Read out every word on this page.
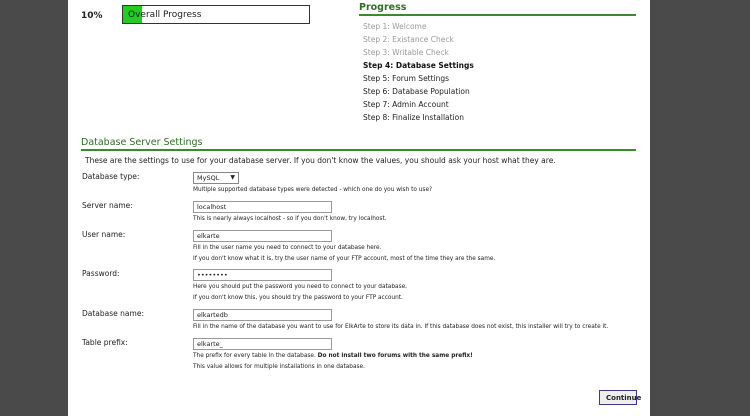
10%	Overall Progress
Progress
Step 1: Welcome
Step 2: Existance Check
Step 3: Writable Check
Step 4: Database Settings
Step 5: Forum Settings
Step 6: Database Population
Step 7: Admin Account
Step 8: Finalize Installation
Database Server Settings
These are the settings to use for your database server. If you don't know the values, you should ask your host what they are.
Database type:	MySQL ▼
Multiple supported database types were detected - which one do you wish to use?
Server name:
localhost
This is nearly always localhost - so if you don't know, try localhost.
User name:
elkarte
Fill in the user name you need to connect to your database here.
If you don't know what it is, try the user name of your FTP account, most of the time they are the same.
Password:
••••••••
Here you should put the password you need to connect to your database.
If you don't know this, you should try the password to your FTP account.
Database name:
elkartedb
Fill in the name of the database you want to use for ElkArte to store its data in. If this database does not exist, this installer will try to create it.
Table prefix:
elkarte_
The prefix for every table in the database. Do not install two forums with the same prefix!
This value allows for multiple installations in one database.
Continue
